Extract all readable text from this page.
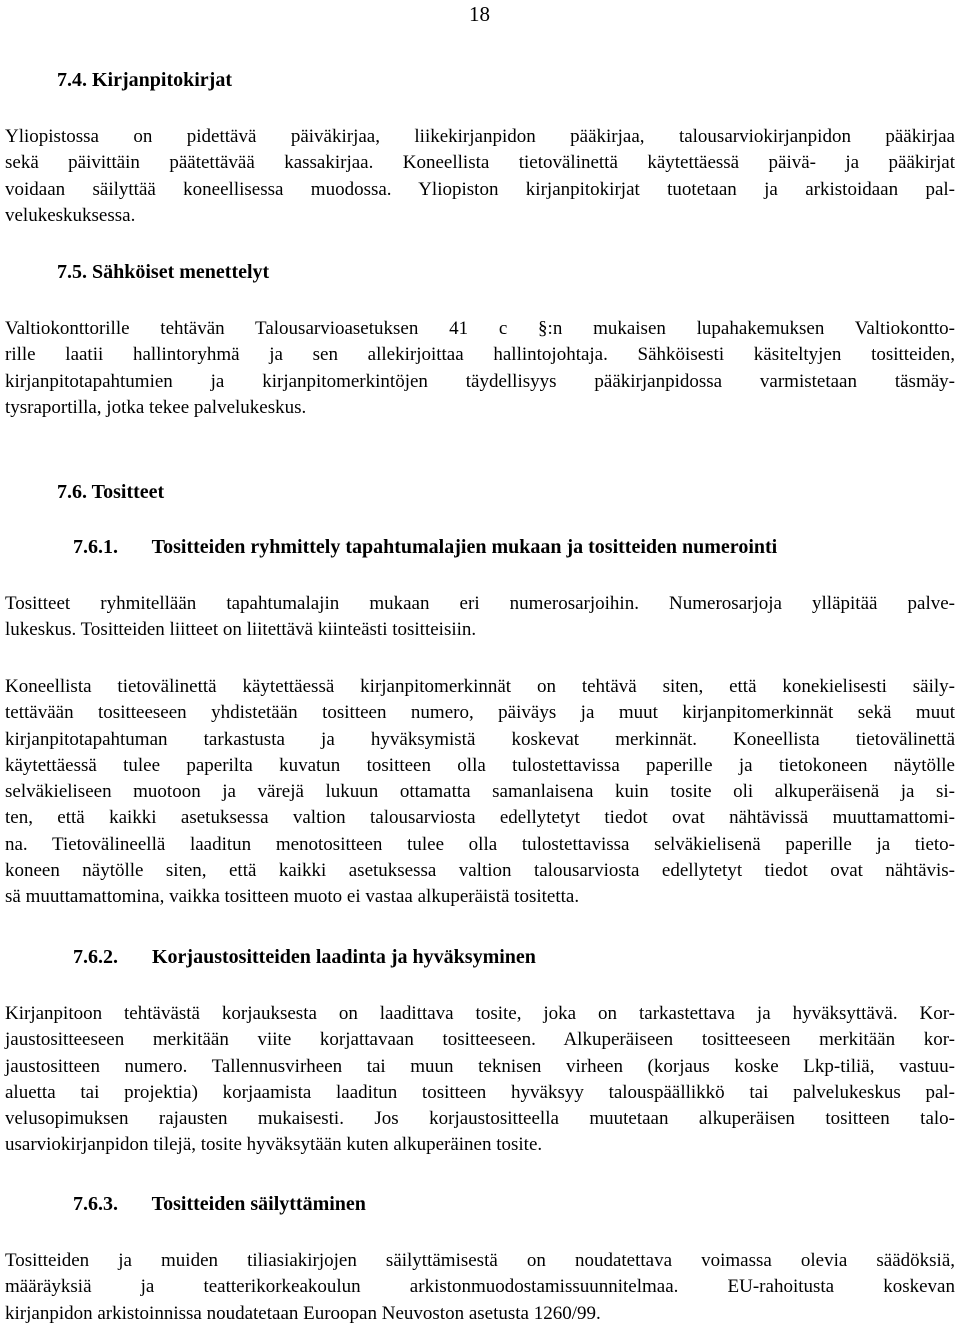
18
7.4. Kirjanpitokirjat
Yliopistossa on pidettävä päiväkirjaa, liikekirjanpidon pääkirjaa, talousarviokirjanpidon pääkirjaa
sekä päivittäin päätettävää kassakirjaa. Koneellista tietovälinettä käytettäessä päivä- ja pääkirjat
voidaan säilyttää koneellisessa muodossa. Yliopiston kirjanpitokirjat tuotetaan ja arkistoidaan pal-
velukeskuksessa.
7.5. Sähköiset menettelyt
Valtiokonttorille tehtävän Talousarvioasetuksen 41 c §:n mukaisen lupahakemuksen Valtiokontto-
rille laatii hallintoryhmä ja sen allekirjoittaa hallintojohtaja. Sähköisesti käsiteltyjen tositteiden,
kirjanpitotapahtumien ja kirjanpitomerkintöjen täydellisyys pääkirjanpidossa varmistetaan täsmäy-
tysraportilla, jotka tekee palvelukeskus.
7.6. Tositteet
7.6.1. Tositteiden ryhmittely tapahtumalajien mukaan ja tositteiden numerointi
Tositteet ryhmitellään tapahtumalajin mukaan eri numerosarjoihin. Numerosarjoja ylläpitää palve-
lukeskus. Tositteiden liitteet on liitettävä kiinteästi tositteisiin.
Koneellista tietovälinettä käytettäessä kirjanpitomerkinnät on tehtävä siten, että konekielisesti säily-
tettävään tositteeseen yhdistetään tositteen numero, päiväys ja muut kirjanpitomerkinnät sekä muut
kirjanpitotapahtuman tarkastusta ja hyväksymistä koskevat merkinnät. Koneellista tietovälinettä
käytettäessä tulee paperilta kuvatun tositteen olla tulostettavissa paperille ja tietokoneen näytölle
selväkieliseen muotoon ja värejä lukuun ottamatta samanlaisena kuin tosite oli alkuperäisenä ja si-
ten, että kaikki asetuksessa valtion talousarviosta edellytetyt tiedot ovat nähtävissä muuttamattomi-
na. Tietovälineellä laaditun menotositteen tulee olla tulostettavissa selväkielisenä paperille ja tieto-
koneen näytölle siten, että kaikki asetuksessa valtion talousarviosta edellytetyt tiedot ovat nähtävis-
sä muuttamattomina, vaikka tositteen muoto ei vastaa alkuperäistä tositetta.
7.6.2. Korjaustositteiden laadinta ja hyväksyminen
Kirjanpitoon tehtävästä korjauksesta on laadittava tosite, joka on tarkastettava ja hyväksyttävä. Kor-
jaustositteeseen merkitään viite korjattavaan tositteeseen. Alkuperäiseen tositteeseen merkitään kor-
jaustositteen numero. Tallennusvirheen tai muun teknisen virheen (korjaus koske Lkp-tiliä, vastuu-
aluetta tai projektia) korjaamista laaditun tositteen hyväksyy talouspäällikkö tai palvelukeskus pal-
velusopimuksen rajausten mukaisesti. Jos korjaustositteella muutetaan alkuperäisen tositteen talo-
usarviokirjanpidon tilejä, tosite hyväksytään kuten alkuperäinen tosite.
7.6.3. Tositteiden säilyttäminen
Tositteiden ja muiden tiliasiakirjojen säilyttämisestä on noudatettava voimassa olevia säädöksiä,
määräyksiä ja teatterikorkeakoulun arkistonmuodostamissuunnitelmaa. EU-rahoitusta koskevan
kirjanpidon arkistoinnissa noudatetaan Euroopan Neuvoston asetusta 1260/99.
